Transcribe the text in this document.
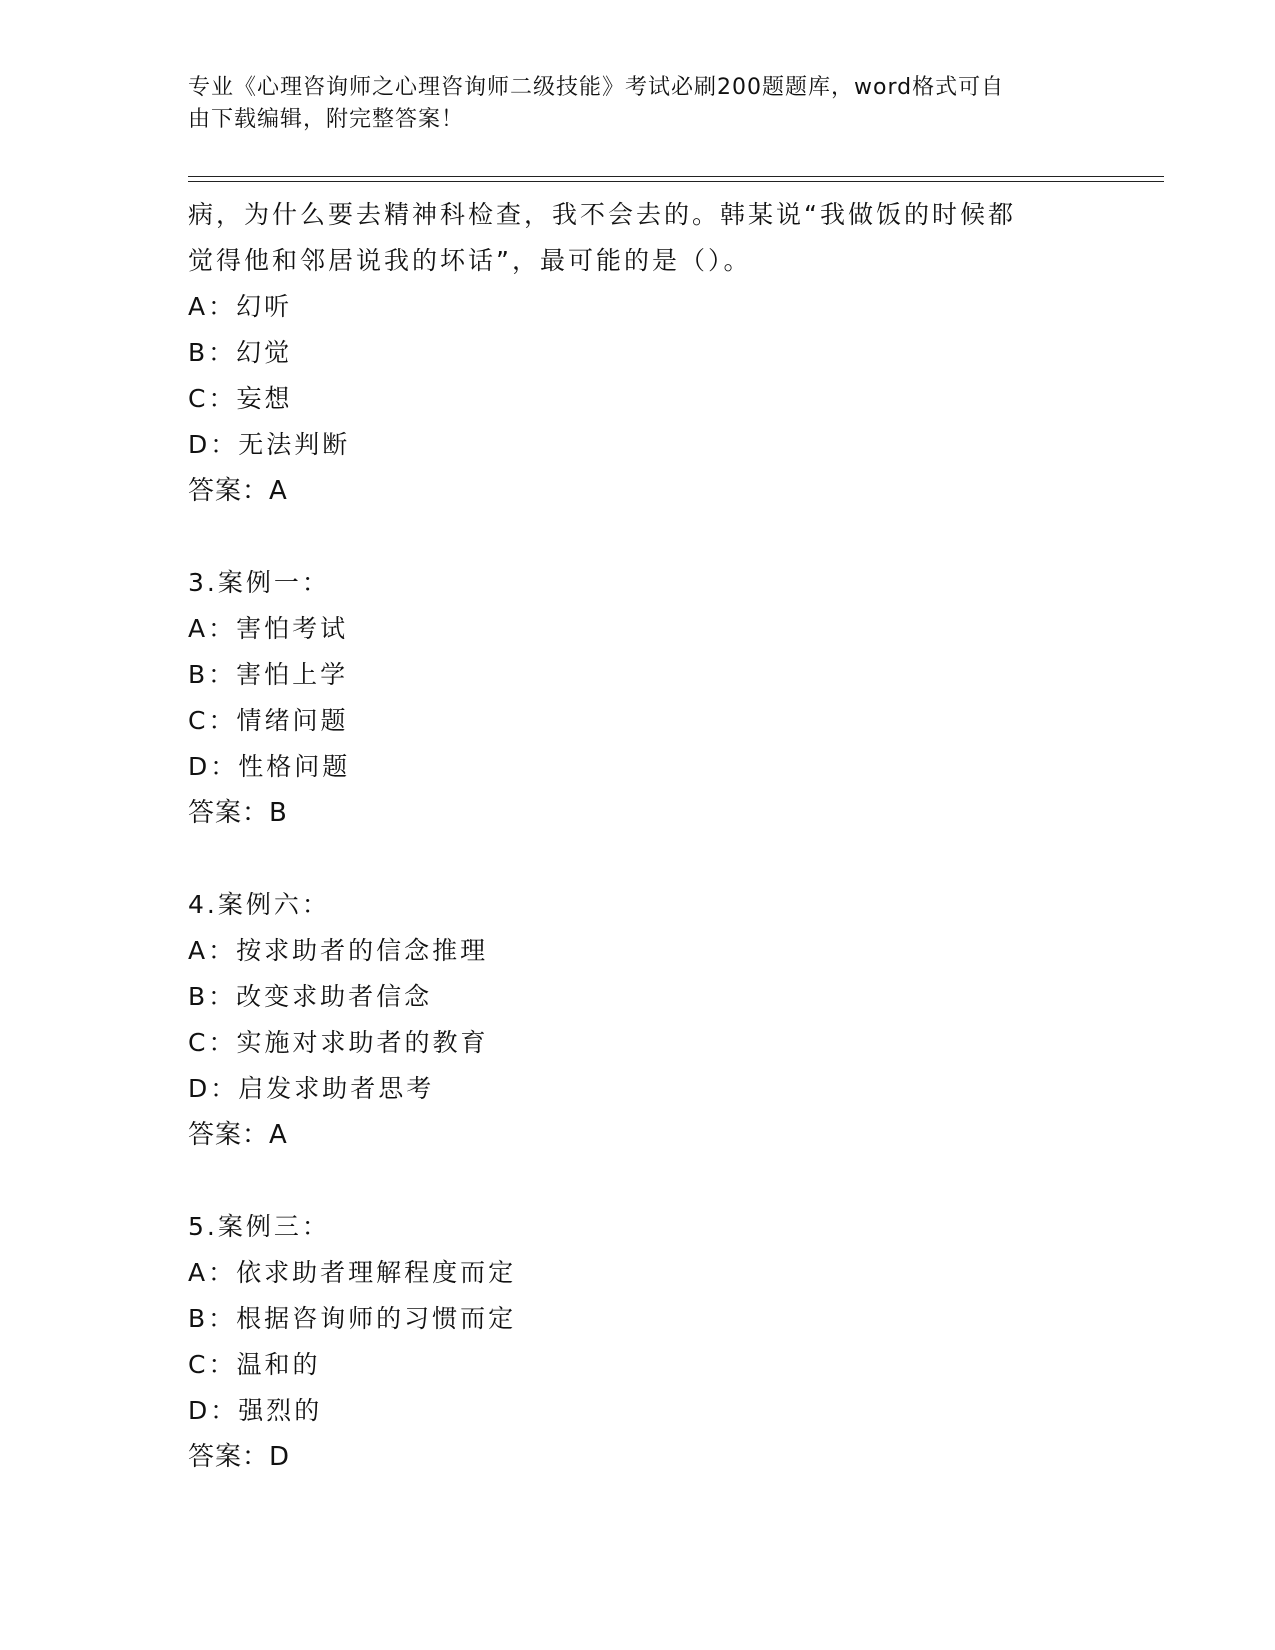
专业《心理咨询师之心理咨询师二级技能》考试必刷200题题库，word格式可自
由下载编辑，附完整答案！
病，为什么要去精神科检查，我不会去的。韩某说“我做饭的时候都
觉得他和邻居说我的坏话”，最可能的是（）。
A：幻听
B：幻觉
C：妄想
D：无法判断
答案：A
3.案例一：
A：害怕考试
B：害怕上学
C：情绪问题
D：性格问题
答案：B
4.案例六：
A：按求助者的信念推理
B：改变求助者信念
C：实施对求助者的教育
D：启发求助者思考
答案：A
5.案例三：
A：依求助者理解程度而定
B：根据咨询师的习惯而定
C：温和的
D：强烈的
答案：D
